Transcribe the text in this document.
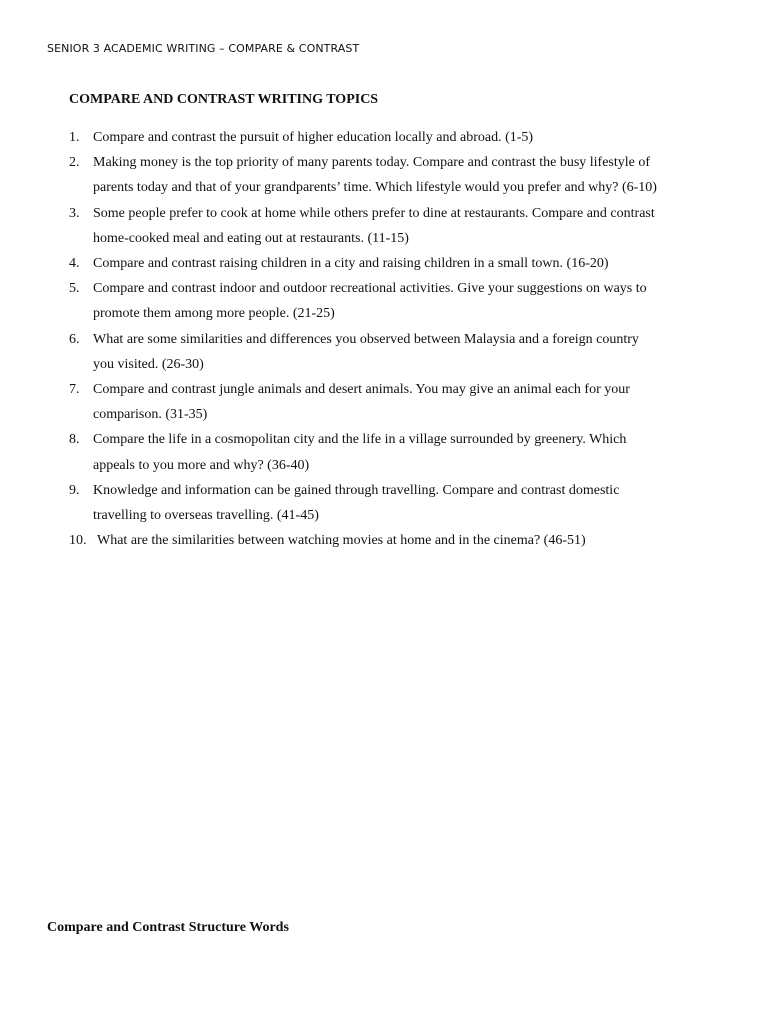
SENIOR 3 ACADEMIC WRITING – COMPARE & CONTRAST
COMPARE AND CONTRAST WRITING TOPICS
1. Compare and contrast the pursuit of higher education locally and abroad. (1-5)
2. Making money is the top priority of many parents today. Compare and contrast the busy lifestyle of
parents today and that of your grandparents’ time. Which lifestyle would you prefer and why? (6-10)
3. Some people prefer to cook at home while others prefer to dine at restaurants. Compare and contrast
home-cooked meal and eating out at restaurants. (11-15)
4. Compare and contrast raising children in a city and raising children in a small town. (16-20)
5. Compare and contrast indoor and outdoor recreational activities. Give your suggestions on ways to
promote them among more people. (21-25)
6. What are some similarities and differences you observed between Malaysia and a foreign country
you visited. (26-30)
7. Compare and contrast jungle animals and desert animals. You may give an animal each for your
comparison. (31-35)
8. Compare the life in a cosmopolitan city and the life in a village surrounded by greenery. Which
appeals to you more and why? (36-40)
9. Knowledge and information can be gained through travelling. Compare and contrast domestic
travelling to overseas travelling. (41-45)
10. What are the similarities between watching movies at home and in the cinema? (46-51)
Compare and Contrast Structure Words
